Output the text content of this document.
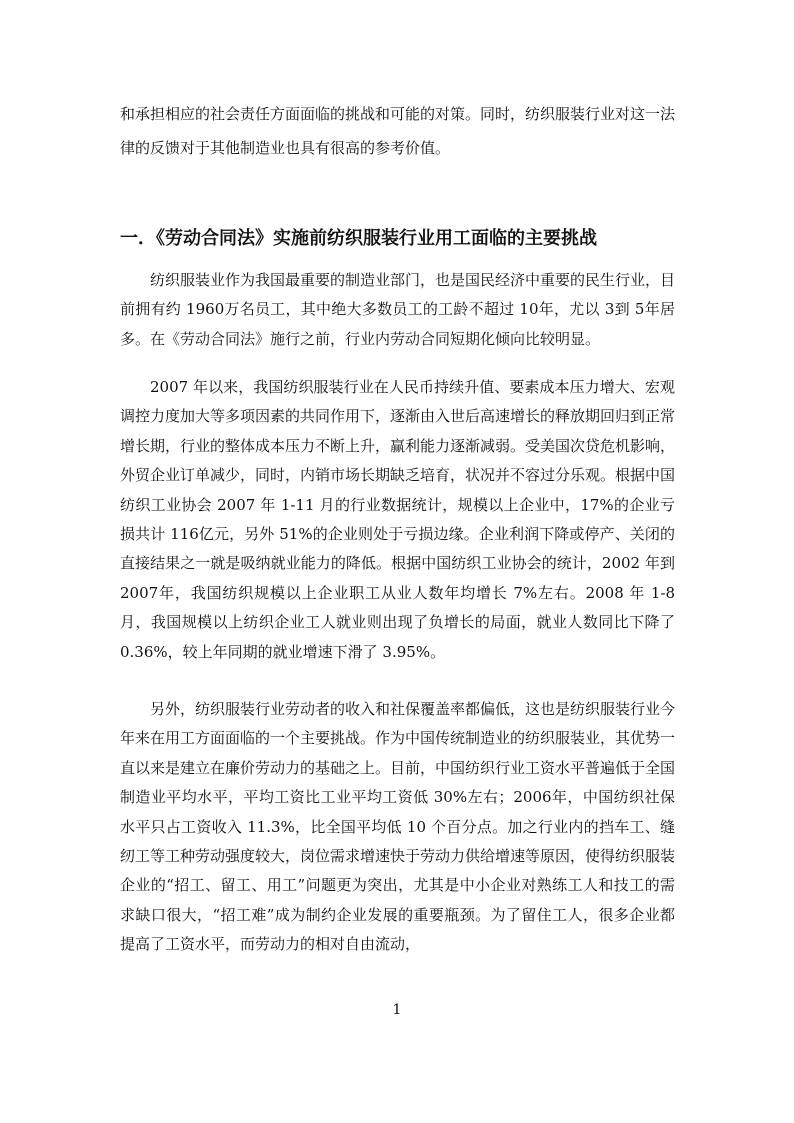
和承担相应的社会责任方面面临的挑战和可能的对策。同时，纺织服装行业对这一法律的反馈对于其他制造业也具有很高的参考价值。

一．《劳动合同法》实施前纺织服装行业用工面临的主要挑战

纺织服装业作为我国最重要的制造业部门，也是国民经济中重要的民生行业，目前拥有约 1960万名员工，其中绝大多数员工的工龄不超过 10年，尤以 3到 5年居多。在《劳动合同法》施行之前，行业内劳动合同短期化倾向比较明显。

2007 年以来，我国纺织服装行业在人民币持续升值、要素成本压力增大、宏观调控力度加大等多项因素的共同作用下，逐渐由入世后高速增长的释放期回归到正常增长期，行业的整体成本压力不断上升，赢利能力逐渐减弱。受美国次贷危机影响，外贸企业订单减少，同时，内销市场长期缺乏培育，状况并不容过分乐观。根据中国纺织工业协会 2007 年 1-11 月的行业数据统计，规模以上企业中，17%的企业亏损共计 116亿元，另外 51%的企业则处于亏损边缘。企业利润下降或停产、关闭的直接结果之一就是吸纳就业能力的降低。根据中国纺织工业协会的统计，2002 年到 2007年，我国纺织规模以上企业职工从业人数年均增长 7%左右。2008 年 1-8 月，我国规模以上纺织企业工人就业则出现了负增长的局面，就业人数同比下降了 0.36%，较上年同期的就业增速下滑了 3.95%。

另外，纺织服装行业劳动者的收入和社保覆盖率都偏低，这也是纺织服装行业今年来在用工方面面临的一个主要挑战。作为中国传统制造业的纺织服装业，其优势一直以来是建立在廉价劳动力的基础之上。目前，中国纺织行业工资水平普遍低于全国制造业平均水平，平均工资比工业平均工资低 30%左右；2006年，中国纺织社保水平只占工资收入 11.3%，比全国平均低 10 个百分点。加之行业内的挡车工、缝纫工等工种劳动强度较大，岗位需求增速快于劳动力供给增速等原因，使得纺织服装企业的“招工、留工、用工”问题更为突出，尤其是中小企业对熟练工人和技工的需求缺口很大，“招工难”成为制约企业发展的重要瓶颈。为了留住工人，很多企业都提高了工资水平，而劳动力的相对自由流动，

1
